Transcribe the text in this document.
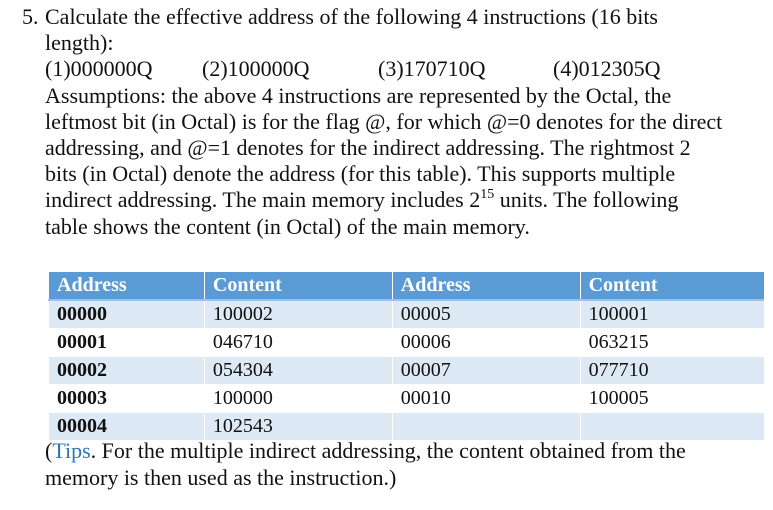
5. Calculate the effective address of the following 4 instructions (16 bits
length):
(1)000000Q (2)100000Q	(3)170710Q	(4)012305Q
Assumptions: the above 4 instructions are represented by the Octal, the
leftmost bit (in Octal) is for the flag @, for which @=0 denotes for the direct
addressing, and @=1 denotes for the indirect addressing. The rightmost 2
bits (in Octal) denote the address (for this table). This supports multiple
indirect addressing. The main memory includes $2^{15}$ units. The following
table shows the content (in Octal) of the main memory.
Address	Content	Address	Content
00000	100002	00005	100001
00001	046710	00006	063215
00002	054304	00007	077710
00003	100000	00010	100005
00004	102543		
(Tips. For the multiple indirect addressing, the content obtained from the
memory is then used as the instruction.)
